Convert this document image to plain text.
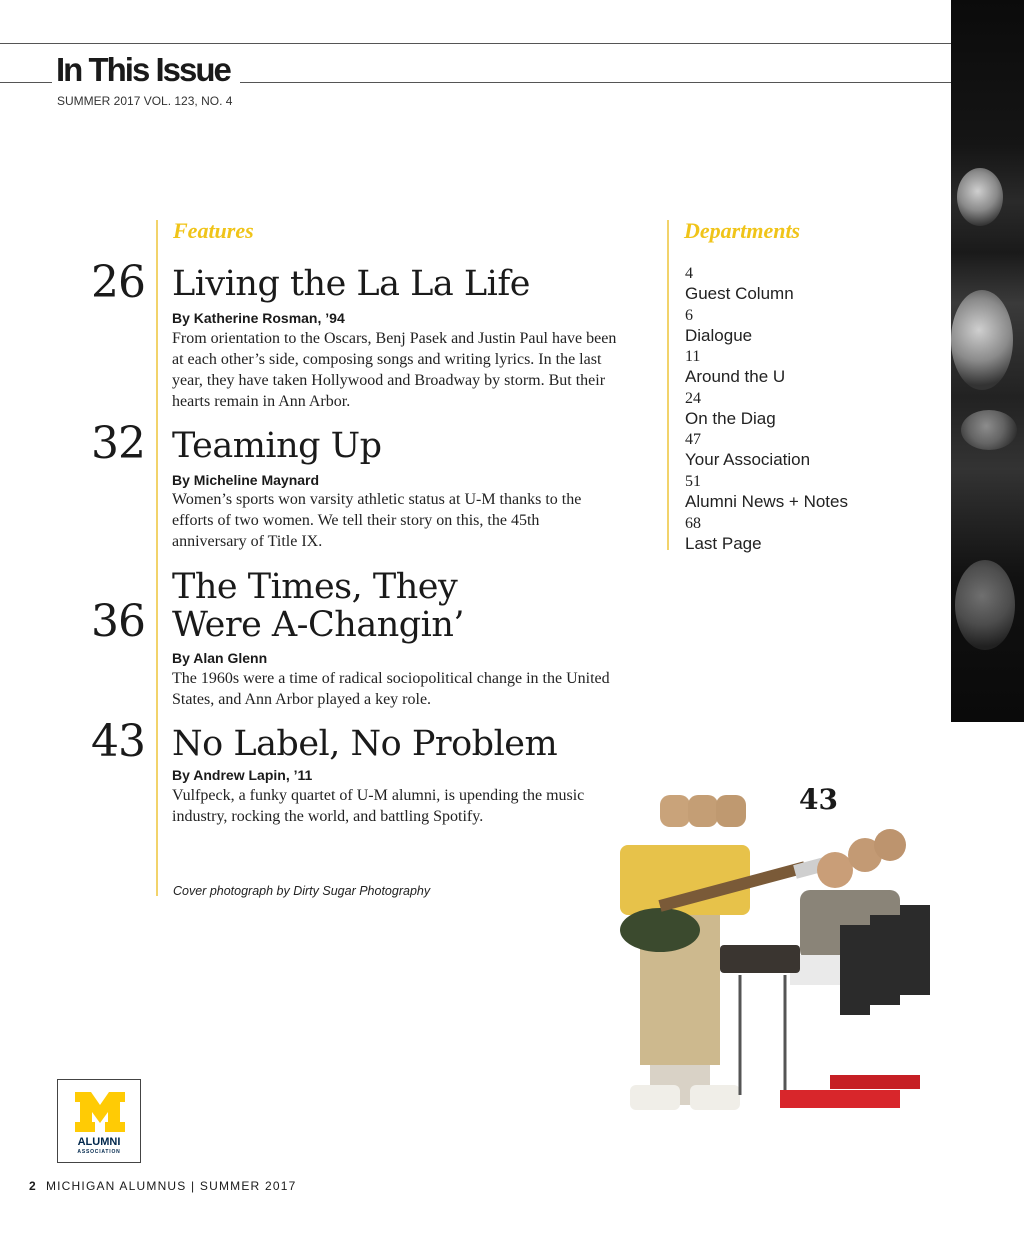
In This Issue
SUMMER 2017 VOL. 123, NO. 4
Features
26 Living the La La Life
By Katherine Rosman, ’94
From orientation to the Oscars, Benj Pasek and Justin Paul have been at each other’s side, composing songs and writing lyrics. In the last year, they have taken Hollywood and Broadway by storm. But their hearts remain in Ann Arbor.
32 Teaming Up
By Micheline Maynard
Women’s sports won varsity athletic status at U-M thanks to the efforts of two women. We tell their story on this, the 45th anniversary of Title IX.
36
The Times, They
Were A-Changin’
By Alan Glenn
The 1960s were a time of radical sociopolitical change in the United States, and Ann Arbor played a key role.
43 No Label, No Problem
By Andrew Lapin, ’11
Vulfpeck, a funky quartet of U-M alumni, is upending the music industry, rocking the world, and battling Spotify.
Cover photograph by Dirty Sugar Photography
Departments
4
Guest Column
6
Dialogue
11
Around the U
24
On the Diag
47
Your Association
51
Alumni News + Notes
68
Last Page
43
ALUMNI
ASSOCIATION
2 MICHIGAN ALUMNUS | SUMMER 2017
